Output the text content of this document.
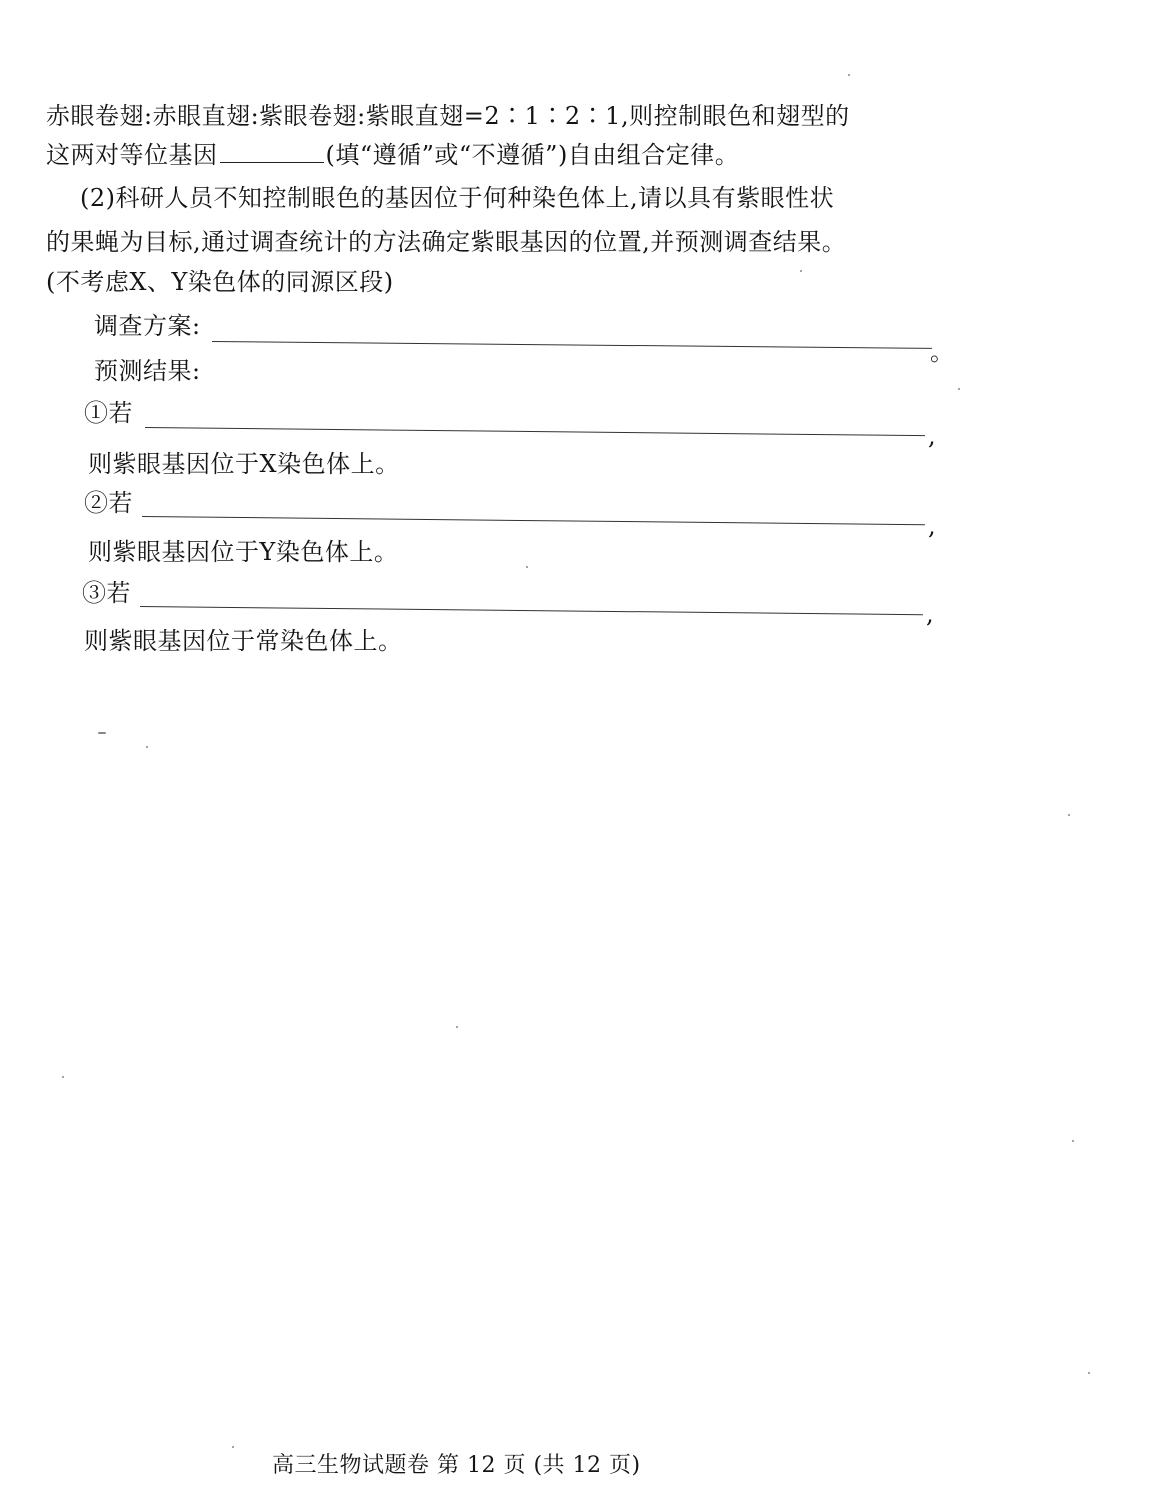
赤眼卷翅:赤眼直翅:紫眼卷翅:紫眼直翅=2∶1∶2∶1,则控制眼色和翅型的
这两对等位基因	(填“遵循”或“不遵循”)自由组合定律。
(2)科研人员不知控制眼色的基因位于何种染色体上,请以具有紫眼性状
的果蝇为目标,通过调查统计的方法确定紫眼基因的位置,并预测调查结果。
(不考虑X、Y染色体的同源区段)
调查方案:
。
预测结果:
①若
,
则紫眼基因位于X染色体上。
②若
,
则紫眼基因位于Y染色体上。
③若
,
则紫眼基因位于常染色体上。
高三生物试题卷 第 12 页 (共 12 页)
